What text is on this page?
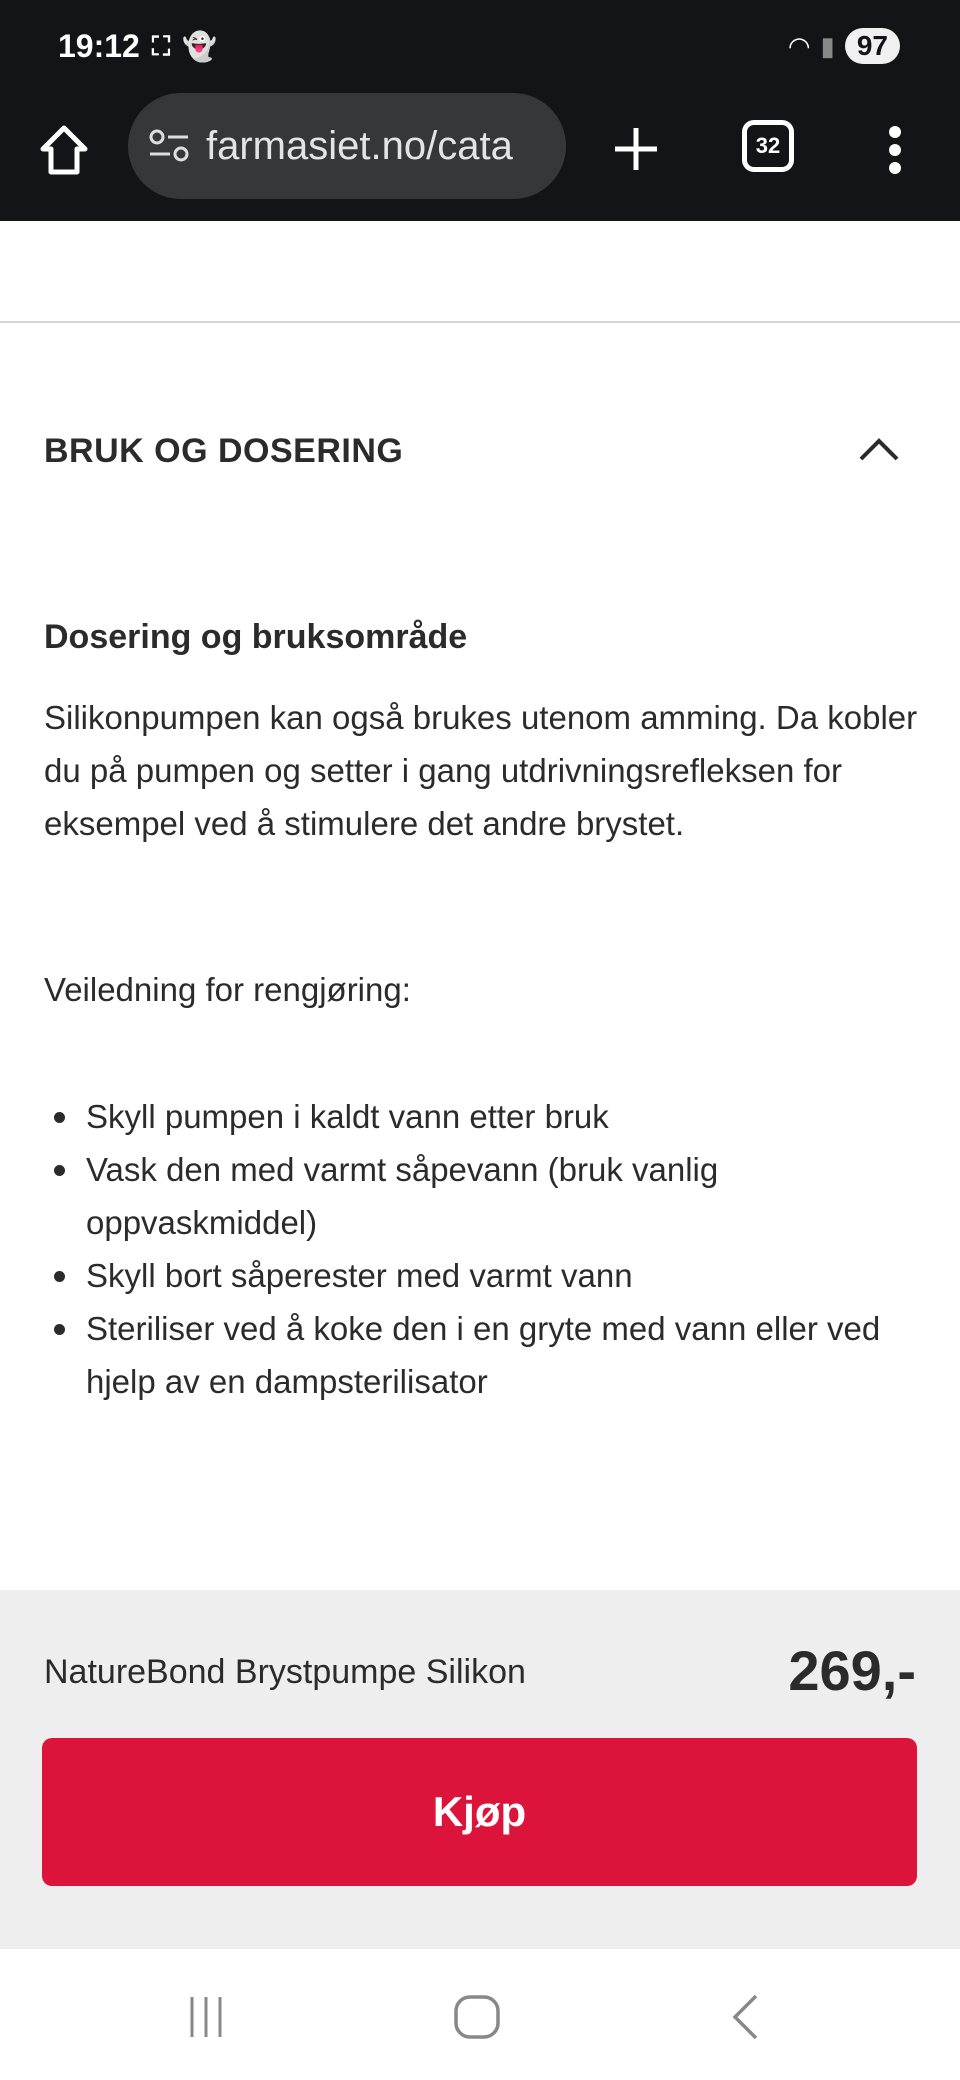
19:12 ⛶ 👻	◠ ▮ 97
farmasiet.no/cata	32
BRUK OG DOSERING
Dosering og bruksområde
Silikonpumpen kan også brukes utenom amming. Da kobler du på pumpen og setter i gang utdrivningsrefleksen for eksempel ved å stimulere det andre brystet.
Veiledning for rengjøring:
Skyll pumpen i kaldt vann etter bruk
Vask den med varmt såpevann (bruk vanlig oppvaskmiddel)
Skyll bort såperester med varmt vann
Steriliser ved å koke den i en gryte med vann eller ved hjelp av en dampsterilisator
NatureBond Brystpumpe Silikon	269,-
Kjøp
